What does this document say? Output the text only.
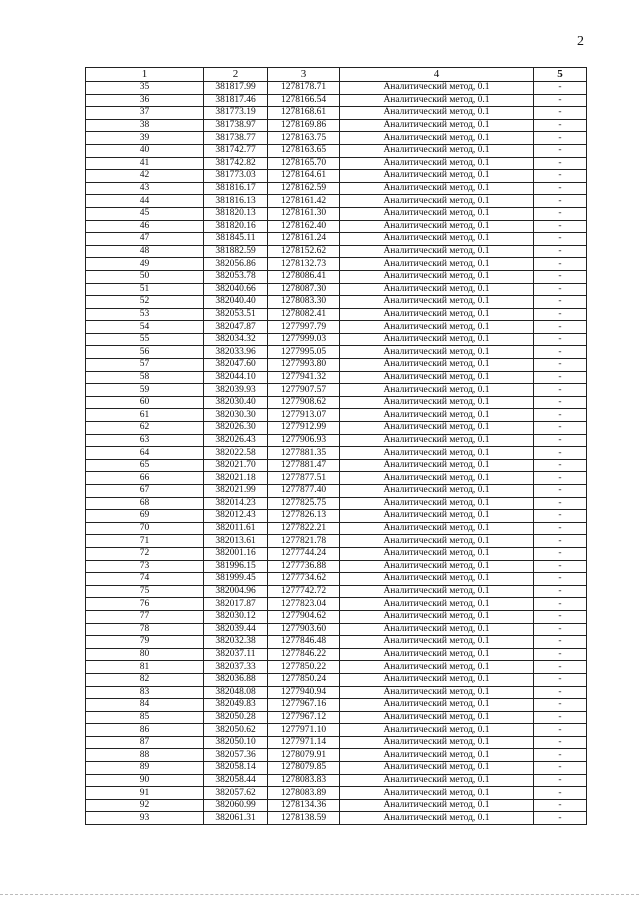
2
1	2	3	4	5
35	381817.99	1278178.71	Аналитический метод, 0.1	-
36	381817.46	1278166.54	Аналитический метод, 0.1	-
37	381773.19	1278168.61	Аналитический метод, 0.1	-
38	381738.97	1278169.86	Аналитический метод, 0.1	-
39	381738.77	1278163.75	Аналитический метод, 0.1	-
40	381742.77	1278163.65	Аналитический метод, 0.1	-
41	381742.82	1278165.70	Аналитический метод, 0.1	-
42	381773.03	1278164.61	Аналитический метод, 0.1	-
43	381816.17	1278162.59	Аналитический метод, 0.1	-
44	381816.13	1278161.42	Аналитический метод, 0.1	-
45	381820.13	1278161.30	Аналитический метод, 0.1	-
46	381820.16	1278162.40	Аналитический метод, 0.1	-
47	381845.11	1278161.24	Аналитический метод, 0.1	-
48	381882.59	1278152.62	Аналитический метод, 0.1	-
49	382056.86	1278132.73	Аналитический метод, 0.1	-
50	382053.78	1278086.41	Аналитический метод, 0.1	-
51	382040.66	1278087.30	Аналитический метод, 0.1	-
52	382040.40	1278083.30	Аналитический метод, 0.1	-
53	382053.51	1278082.41	Аналитический метод, 0.1	-
54	382047.87	1277997.79	Аналитический метод, 0.1	-
55	382034.32	1277999.03	Аналитический метод, 0.1	-
56	382033.96	1277995.05	Аналитический метод, 0.1	-
57	382047.60	1277993.80	Аналитический метод, 0.1	-
58	382044.10	1277941.32	Аналитический метод, 0.1	-
59	382039.93	1277907.57	Аналитический метод, 0.1	-
60	382030.40	1277908.62	Аналитический метод, 0.1	-
61	382030.30	1277913.07	Аналитический метод, 0.1	-
62	382026.30	1277912.99	Аналитический метод, 0.1	-
63	382026.43	1277906.93	Аналитический метод, 0.1	-
64	382022.58	1277881.35	Аналитический метод, 0.1	-
65	382021.70	1277881.47	Аналитический метод, 0.1	-
66	382021.18	1277877.51	Аналитический метод, 0.1	-
67	382021.99	1277877.40	Аналитический метод, 0.1	-
68	382014.23	1277825.75	Аналитический метод, 0.1	-
69	382012.43	1277826.13	Аналитический метод, 0.1	-
70	382011.61	1277822.21	Аналитический метод, 0.1	-
71	382013.61	1277821.78	Аналитический метод, 0.1	-
72	382001.16	1277744.24	Аналитический метод, 0.1	-
73	381996.15	1277736.88	Аналитический метод, 0.1	-
74	381999.45	1277734.62	Аналитический метод, 0.1	-
75	382004.96	1277742.72	Аналитический метод, 0.1	-
76	382017.87	1277823.04	Аналитический метод, 0.1	-
77	382030.12	1277904.62	Аналитический метод, 0.1	-
78	382039.44	1277903.60	Аналитический метод, 0.1	-
79	382032.38	1277846.48	Аналитический метод, 0.1	-
80	382037.11	1277846.22	Аналитический метод, 0.1	-
81	382037.33	1277850.22	Аналитический метод, 0.1	-
82	382036.88	1277850.24	Аналитический метод, 0.1	-
83	382048.08	1277940.94	Аналитический метод, 0.1	-
84	382049.83	1277967.16	Аналитический метод, 0.1	-
85	382050.28	1277967.12	Аналитический метод, 0.1	-
86	382050.62	1277971.10	Аналитический метод, 0.1	-
87	382050.10	1277971.14	Аналитический метод, 0.1	-
88	382057.36	1278079.91	Аналитический метод, 0.1	-
89	382058.14	1278079.85	Аналитический метод, 0.1	-
90	382058.44	1278083.83	Аналитический метод, 0.1	-
91	382057.62	1278083.89	Аналитический метод, 0.1	-
92	382060.99	1278134.36	Аналитический метод, 0.1	-
93	382061.31	1278138.59	Аналитический метод, 0.1	-
